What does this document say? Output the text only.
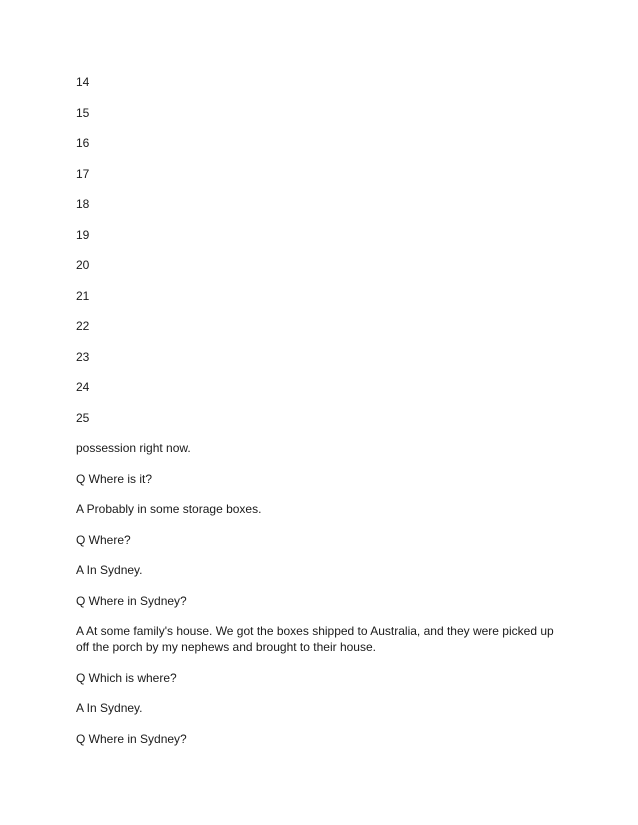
14
15
16
17
18
19
20
21
22
23
24
25
possession right now.
Q Where is it?
A Probably in some storage boxes.
Q Where?
A In Sydney.
Q Where in Sydney?
A At some family's house. We got the boxes shipped to Australia, and they were picked up off the porch by my nephews and brought to their house.
Q Which is where?
A In Sydney.
Q Where in Sydney?
